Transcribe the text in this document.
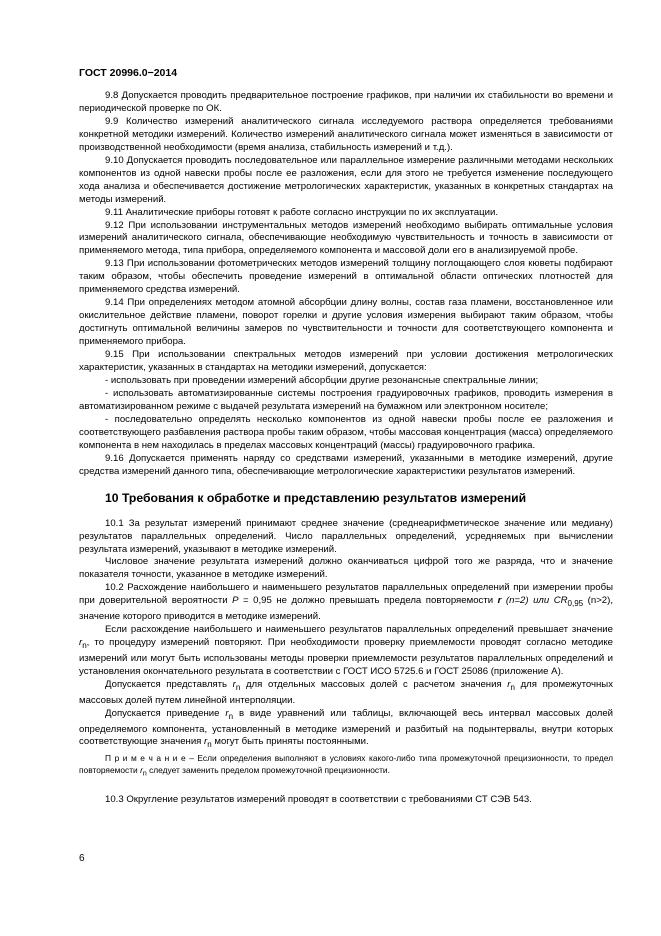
ГОСТ 20996.0−2014

9.8 Допускается проводить предварительное построение графиков, при наличии их стабильности во времени и периодической проверке по ОК.

9.9 Количество измерений аналитического сигнала исследуемого раствора определяется требованиями конкретной методики измерений. Количество измерений аналитического сигнала может изменяться в зависимости от производственной необходимости (время анализа, стабильность измерений и т.д.).

9.10 Допускается проводить последовательное или параллельное измерение различными методами нескольких компонентов из одной навески пробы после ее разложения, если для этого не требуется изменение последующего хода анализа и обеспечивается достижение метрологических характеристик, указанных в конкретных стандартах на методы измерений.

9.11 Аналитические приборы готовят к работе согласно инструкции по их эксплуатации.

9.12 При использовании инструментальных методов измерений необходимо выбирать оптимальные условия измерений аналитического сигнала, обеспечивающие необходимую чувствительность и точность в зависимости от применяемого метода, типа прибора, определяемого компонента и массовой доли его в анализируемой пробе.

9.13 При использовании фотометрических методов измерений толщину поглощающего слоя кюветы подбирают таким образом, чтобы обеспечить проведение измерений в оптимальной области оптических плотностей для применяемого средства измерений.

9.14 При определениях методом атомной абсорбции длину волны, состав газа пламени, восстановленное или окислительное действие пламени, поворот горелки и другие условия измерения выбирают таким образом, чтобы достигнуть оптимальной величины замеров по чувствительности и точности для соответствующего компонента и применяемого прибора.

9.15 При использовании спектральных методов измерений при условии достижения метрологических характеристик, указанных в стандартах на методики измерений, допускается:

- использовать при проведении измерений абсорбции другие резонансные спектральные линии;

- использовать автоматизированные системы построения градуировочных графиков, проводить измерения в автоматизированном режиме с выдачей результата измерений на бумажном или электронном носителе;

- последовательно определять несколько компонентов из одной навески пробы после ее разложения и соответствующего разбавления раствора пробы таким образом, чтобы массовая концентрация (масса) определяемого компонента в нем находилась в пределах массовых концентраций (массы) градуировочного графика.

9.16 Допускается применять наряду со средствами измерений, указанными в методике измерений, другие средства измерений данного типа, обеспечивающие метрологические характеристики результатов измерений.

10 Требования к обработке и представлению результатов измерений

10.1 За результат измерений принимают среднее значение (среднеарифметическое значение или медиану) результатов параллельных определений. Число параллельных определений, усредняемых при вычислении результата измерений, указывают в методике измерений.

Числовое значение результата измерений должно оканчиваться цифрой того же разряда, что и значение показателя точности, указанное в методике измерений.

10.2 Расхождение наибольшего и наименьшего результатов параллельных определений при измерении пробы при доверительной вероятности P = 0,95 не должно превышать предела повторяемости r (n=2) или $CR_{0,95}$ (n>2), значение которого приводится в методике измерений.

Если расхождение наибольшего и наименьшего результатов параллельных определений превышает значение $r_n$, то процедуру измерений повторяют. При необходимости проверку приемлемости проводят согласно методике измерений или могут быть использованы методы проверки приемлемости результатов параллельных определений и установления окончательного результата в соответствии с ГОСТ ИСО 5725.6 и ГОСТ 25086 (приложение А).

Допускается представлять $r_n$ для отдельных массовых долей с расчетом значения $r_n$ для промежуточных массовых долей путем линейной интерполяции.

Допускается приведение $r_n$ в виде уравнений или таблицы, включающей весь интервал массовых долей определяемого компонента, установленный в методике измерений и разбитый на подынтервалы, внутри которых соответствующие значения $r_n$ могут быть приняты постоянными.

П р и м е ч а н и е – Если определения выполняют в условиях какого-либо типа промежуточной прецизионности, то предел повторяемости $r_n$ следует заменить пределом промежуточной прецизионности.

10.3 Округление результатов измерений проводят в соответствии с требованиями СТ СЭВ 543.

6
